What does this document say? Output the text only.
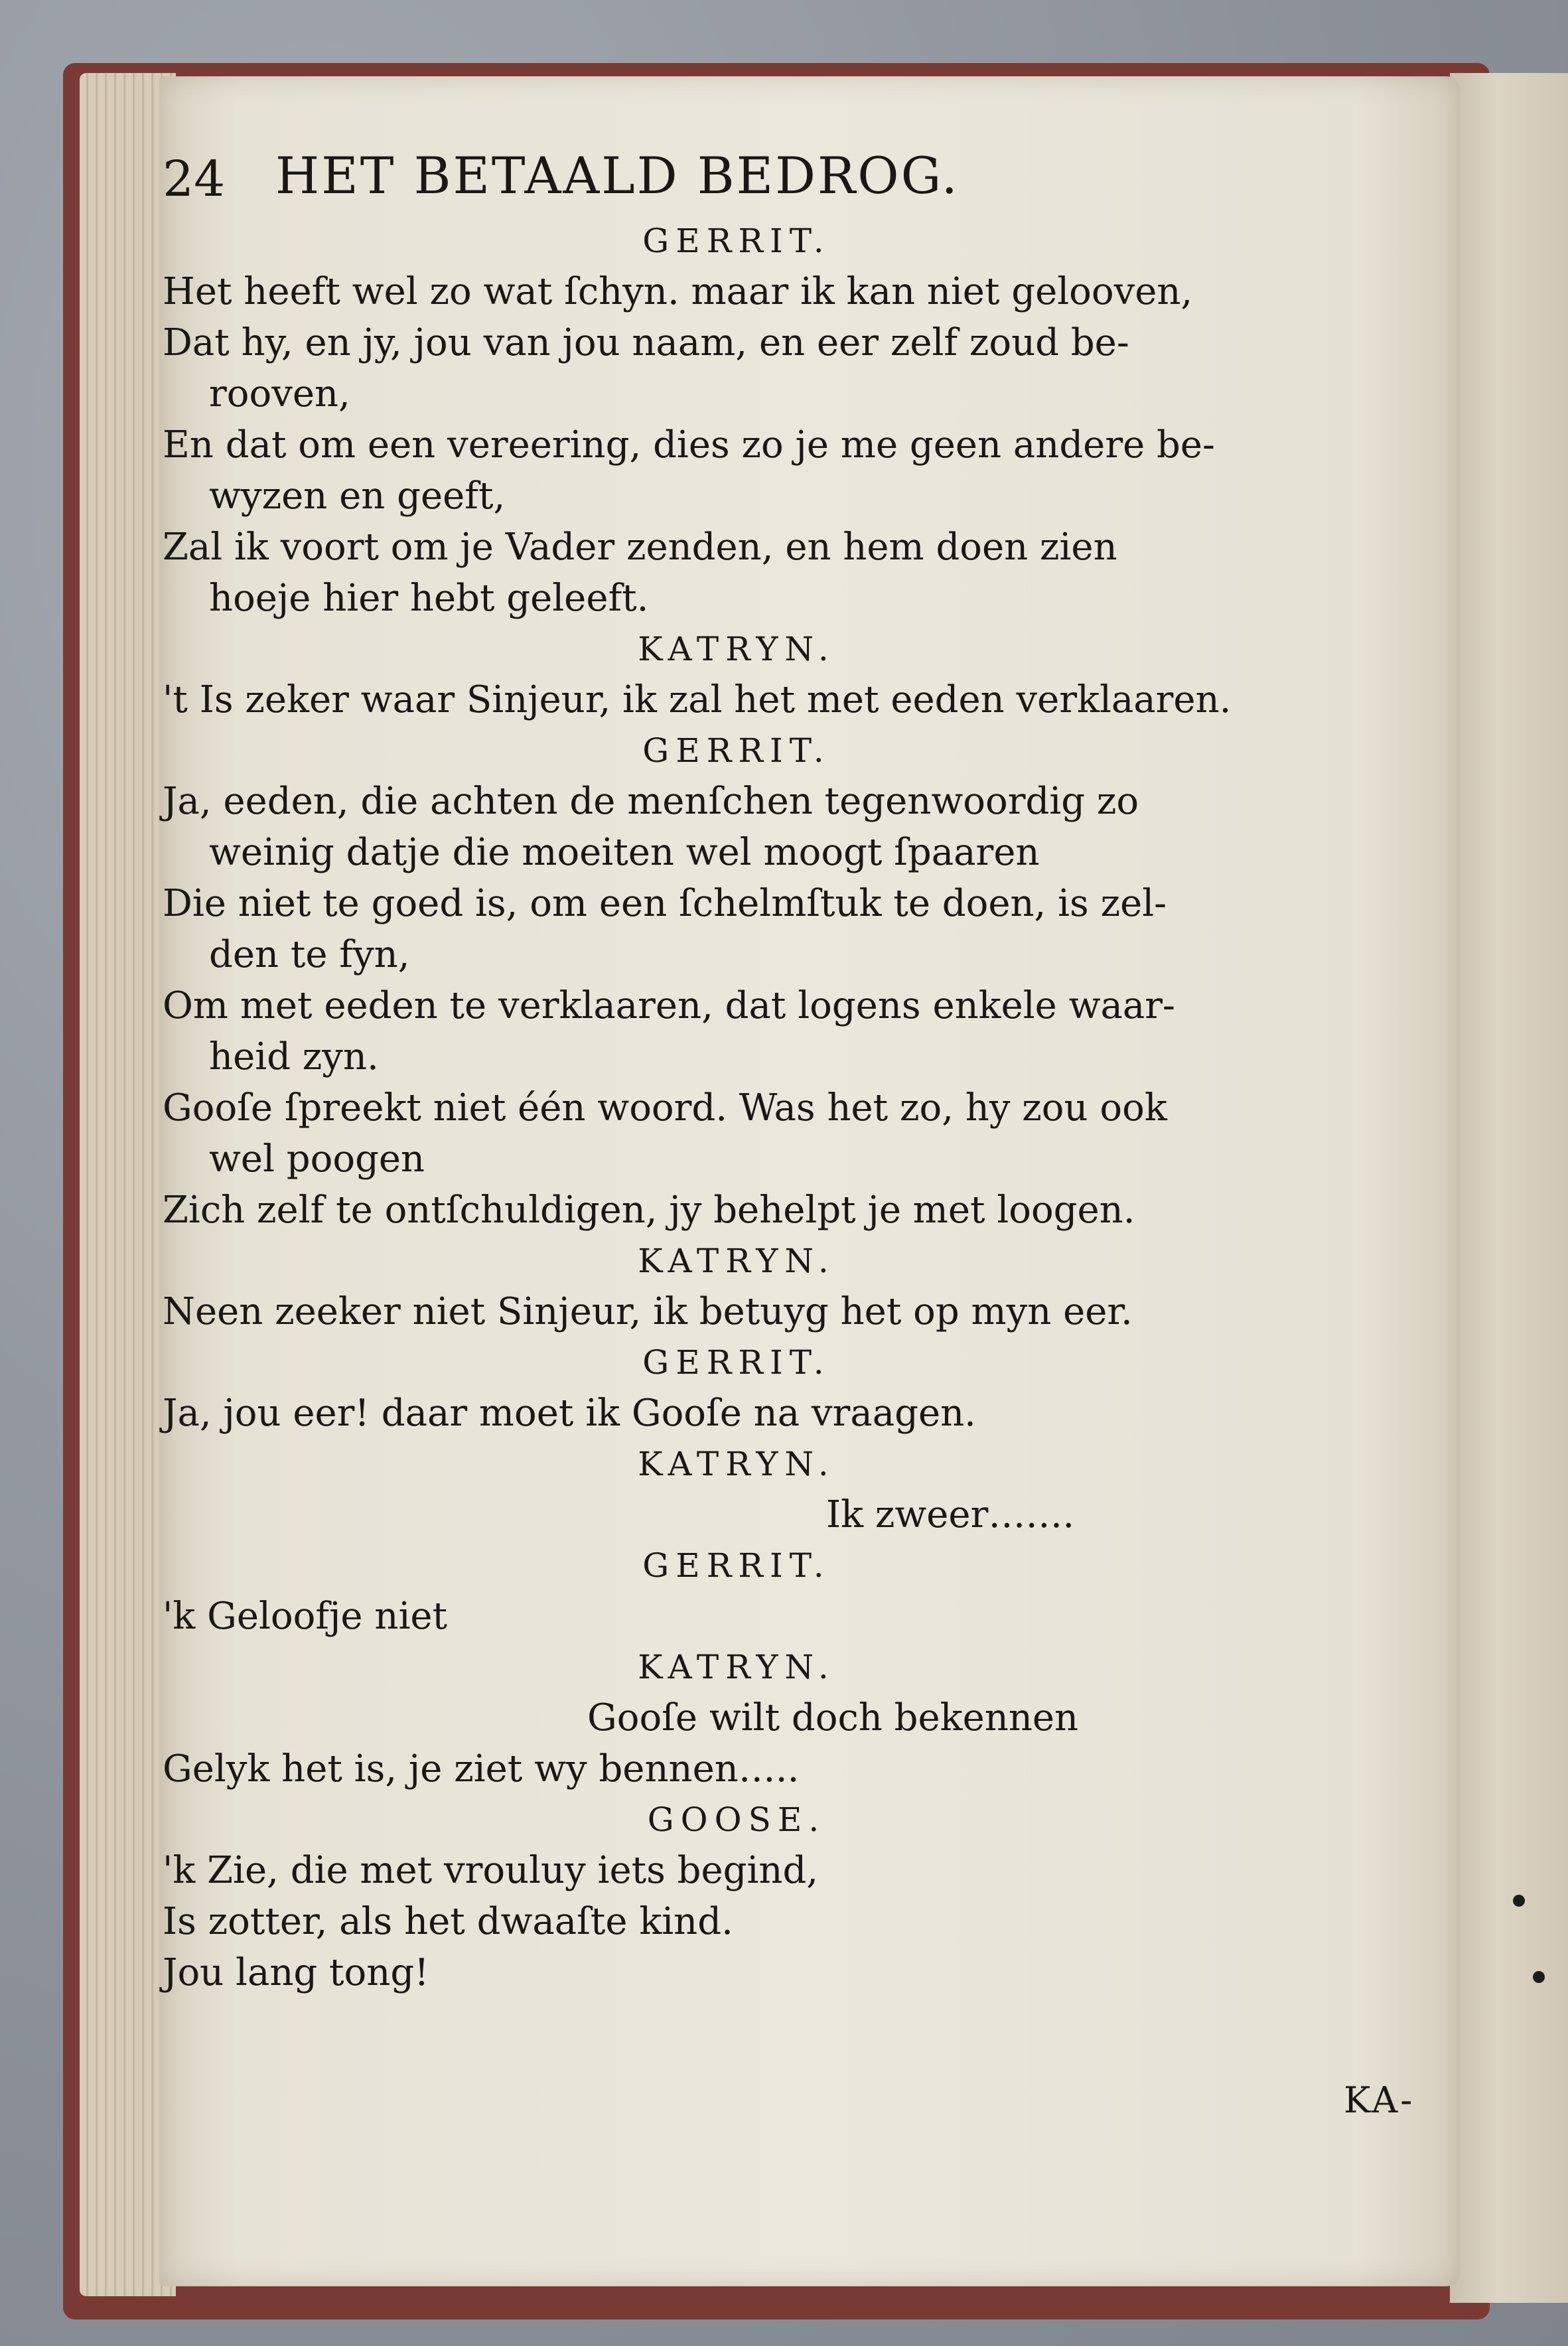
24 HET BETAALD BEDROG.
GERRIT.
Het heeft wel zo wat ſchyn. maar ik kan niet gelooven,
Dat hy, en jy, jou van jou naam, en eer zelf zoud be-
rooven,
En dat om een vereering, dies zo je me geen andere be-
wyzen en geeft,
Zal ik voort om je Vader zenden, en hem doen zien
hoeje hier hebt geleeft.
KATRYN.
't Is zeker waar Sinjeur, ik zal het met eeden verklaaren.
GERRIT.
Ja, eeden, die achten de menſchen tegenwoordig zo
weinig datje die moeiten wel moogt ſpaaren
Die niet te goed is, om een ſchelmſtuk te doen, is zel-
den te fyn,
Om met eeden te verklaaren, dat logens enkele waar-
heid zyn.
Gooſe ſpreekt niet één woord. Was het zo, hy zou ook
wel poogen
Zich zelf te ontſchuldigen, jy behelpt je met loogen.
KATRYN.
Neen zeeker niet Sinjeur, ik betuyg het op myn eer.
GERRIT.
Ja, jou eer! daar moet ik Gooſe na vraagen.
KATRYN.
Ik zweer…….
GERRIT.
'k Geloofje niet
KATRYN.
Gooſe wilt doch bekennen
Gelyk het is, je ziet wy bennen…..
GOOSE.
'k Zie, die met vrouluy iets begind,
Is zotter, als het dwaaſte kind.
Jou lang tong!
KA-
